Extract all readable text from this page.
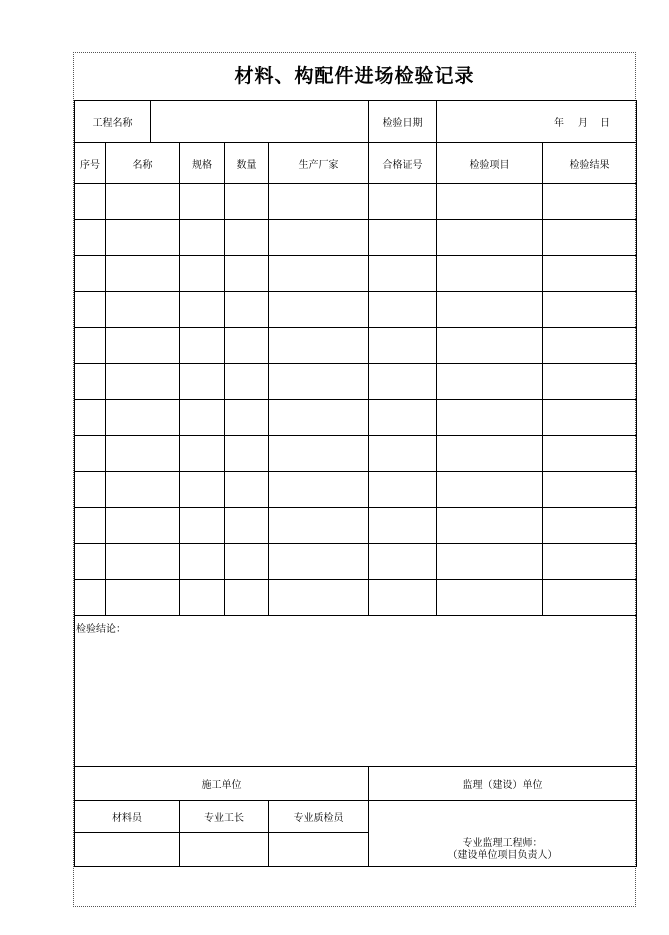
材料、构配件进场检验记录
工程名称						检验日期	年 月 日	
序号	名称		规格	数量	生产厂家	合格证号	检验项目	检验结果

检验结论：								
施工单位						监理（建设）单位		
材料员			专业工长		专业质检员	专业监理工程师：
（建设单位项目负责人）		
